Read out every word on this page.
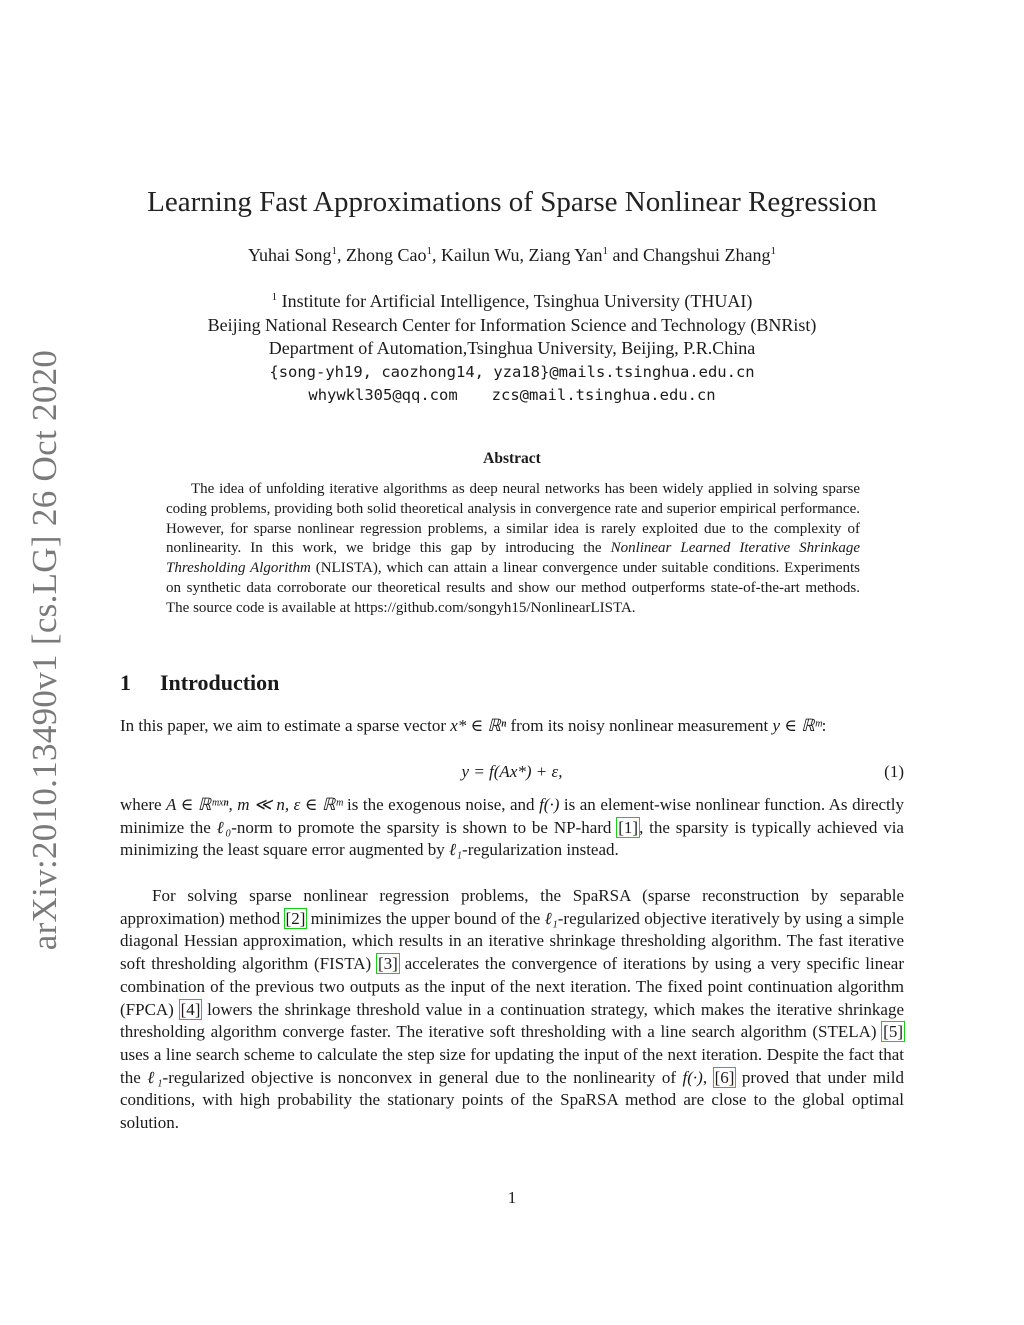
arXiv:2010.13490v1 [cs.LG] 26 Oct 2020
Learning Fast Approximations of Sparse Nonlinear Regression
Yuhai Song$^1$, Zhong Cao$^1$, Kailun Wu, Ziang Yan$^1$ and Changshui Zhang$^1$
$^1$ Institute for Artificial Intelligence, Tsinghua University (THUAI)
Beijing National Research Center for Information Science and Technology (BNRist)
Department of Automation,Tsinghua University, Beijing, P.R.China
{song-yh19, caozhong14, yza18}@mails.tsinghua.edu.cn
whywkl305@qq.com zcs@mail.tsinghua.edu.cn
Abstract
The idea of unfolding iterative algorithms as deep neural networks has been widely applied in solving sparse coding problems, providing both solid theoretical analysis in convergence rate and superior empirical performance. However, for sparse nonlinear regression problems, a similar idea is rarely exploited due to the complexity of nonlinearity. In this work, we bridge this gap by introducing the Nonlinear Learned Iterative Shrinkage Thresholding Algorithm (NLISTA), which can attain a linear convergence under suitable conditions. Experiments on synthetic data corroborate our theoretical results and show our method outperforms state-of-the-art methods. The source code is available at https://github.com/songyh15/NonlinearLISTA.
1 Introduction
In this paper, we aim to estimate a sparse vector x* ∈ ℝⁿ from its noisy nonlinear measurement y ∈ ℝᵐ:
y = f(Ax*) + ε,	(1)
where A ∈ ℝᵐˣⁿ, m ≪ n, ε ∈ ℝᵐ is the exogenous noise, and f(·) is an element-wise nonlinear function. As directly minimize the ℓ₀-norm to promote the sparsity is shown to be NP-hard [1], the sparsity is typically achieved via minimizing the least square error augmented by ℓ₁-regularization instead.
For solving sparse nonlinear regression problems, the SpaRSA (sparse reconstruction by separable approximation) method [2] minimizes the upper bound of the ℓ₁-regularized objective iteratively by using a simple diagonal Hessian approximation, which results in an iterative shrinkage thresholding algorithm. The fast iterative soft thresholding algorithm (FISTA) [3] accelerates the convergence of iterations by using a very specific linear combination of the previous two outputs as the input of the next iteration. The fixed point continuation algorithm (FPCA) [4] lowers the shrinkage threshold value in a continuation strategy, which makes the iterative shrinkage thresholding algorithm converge faster. The iterative soft thresholding with a line search algorithm (STELA) [5] uses a line search scheme to calculate the step size for updating the input of the next iteration. Despite the fact that the ℓ₁-regularized objective is nonconvex in general due to the nonlinearity of f(·), [6] proved that under mild conditions, with high probability the stationary points of the SpaRSA method are close to the global optimal solution.
1
